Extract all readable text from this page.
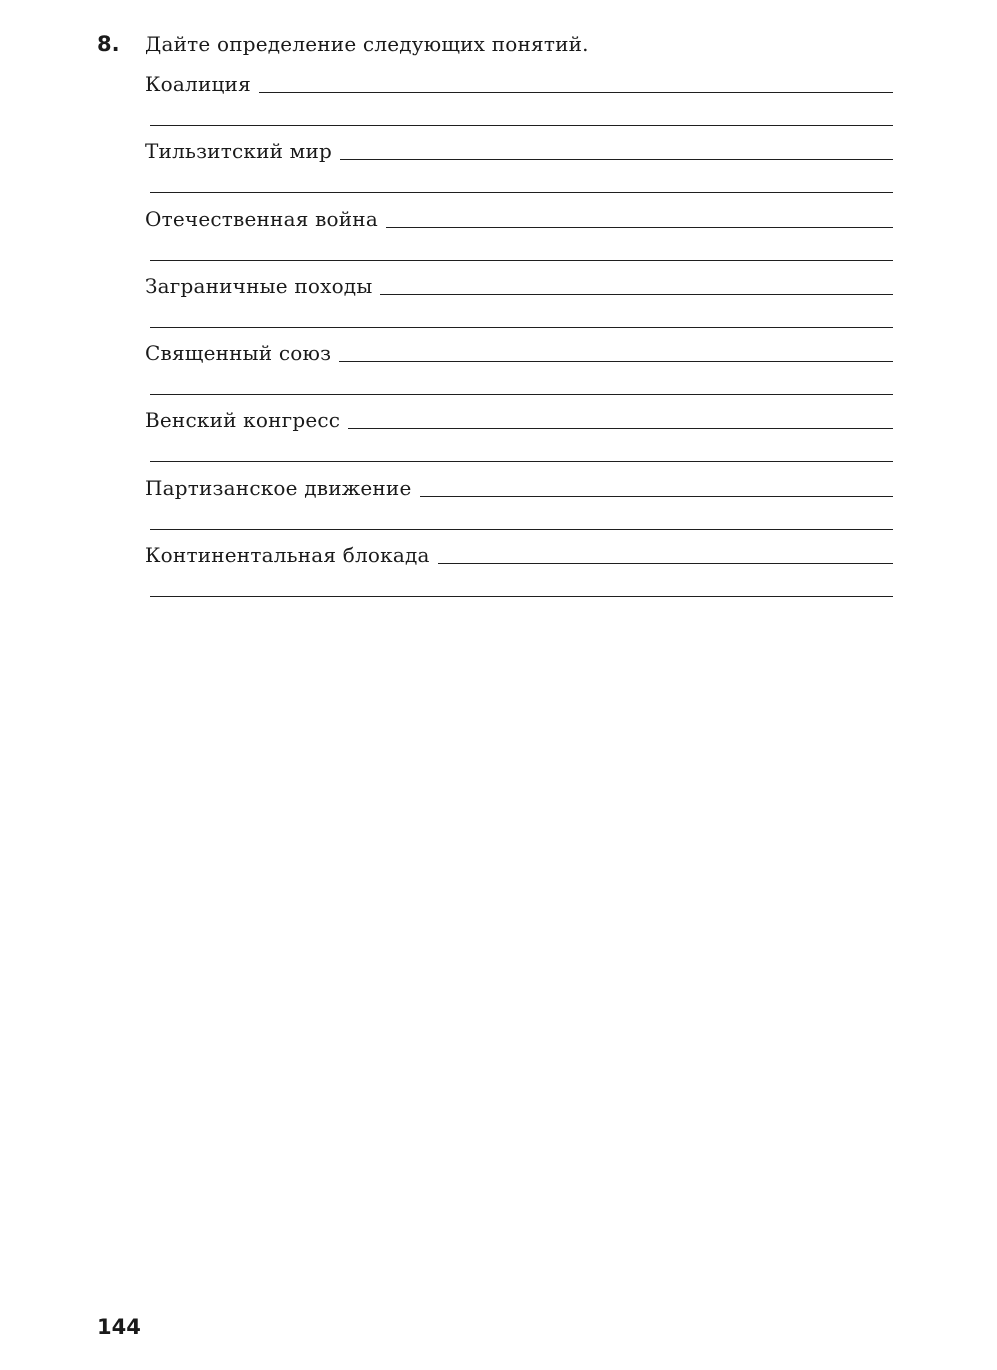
8. Дайте определение следующих понятий.
Коалиция
Тильзитский мир
Отечественная война
Заграничные походы
Священный союз
Венский конгресс
Партизанское движение
Континентальная блокада
144
